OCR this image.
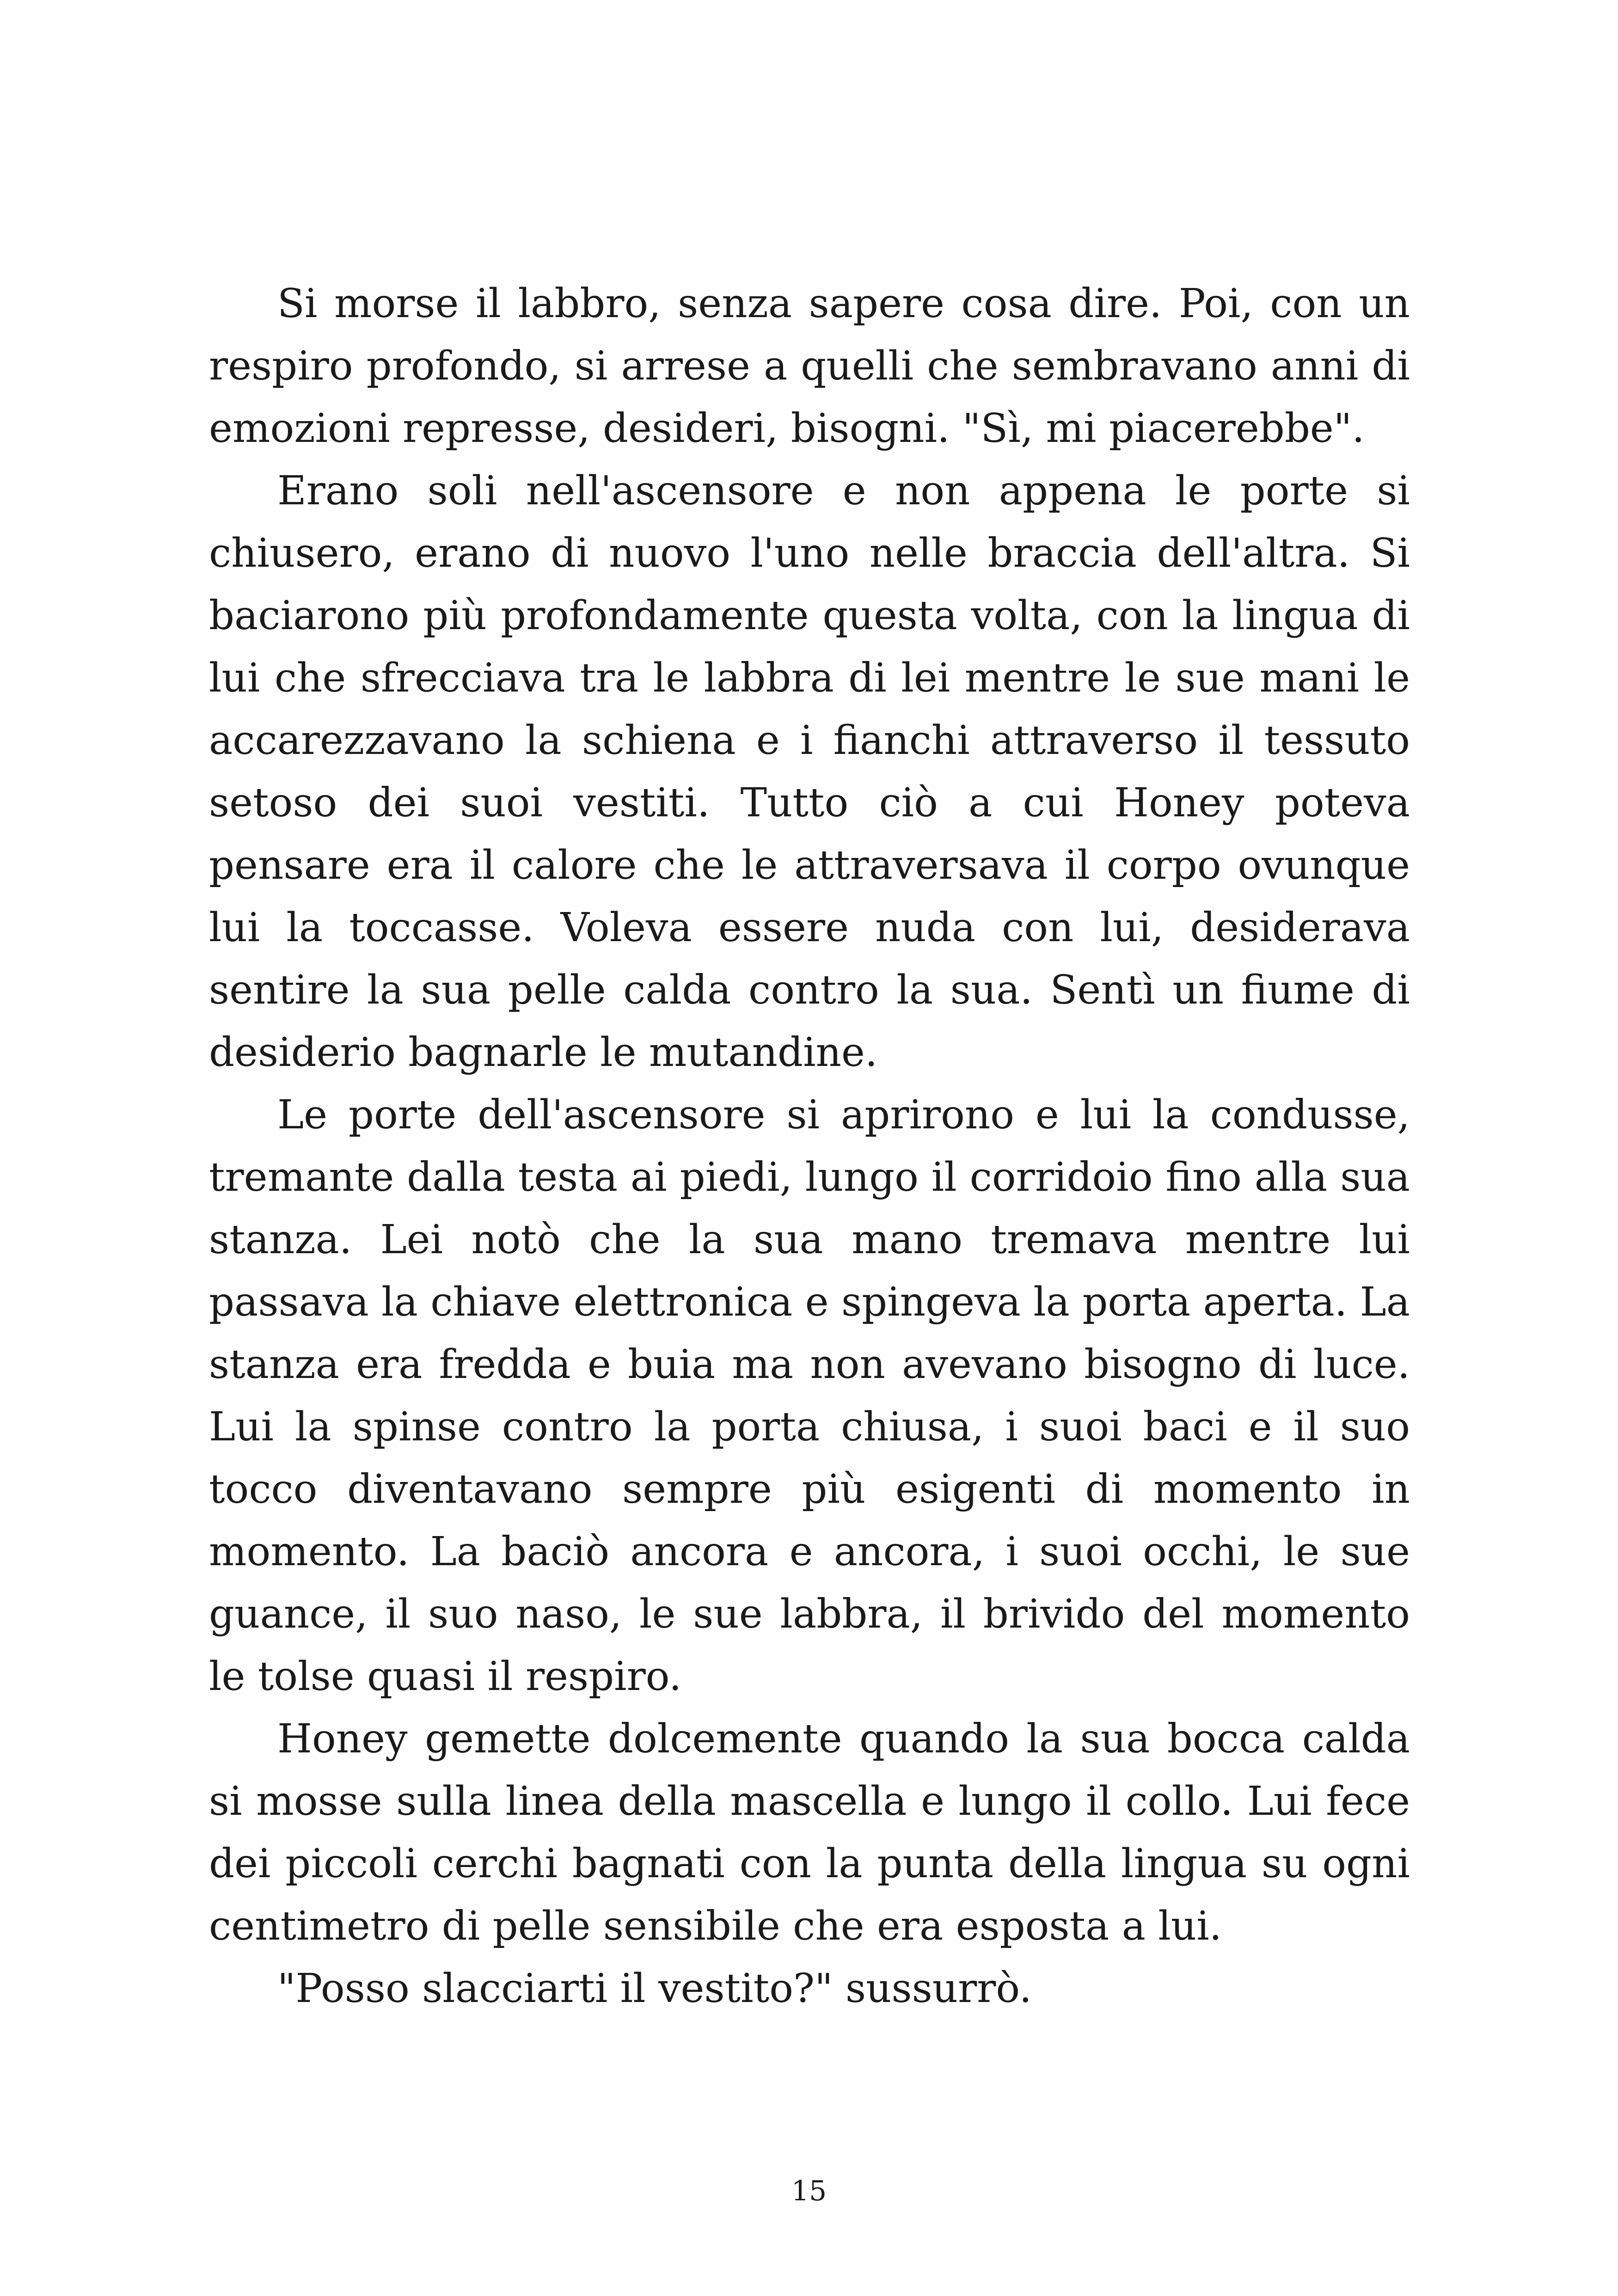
Si morse il labbro, senza sapere cosa dire. Poi, con un respiro profondo, si arrese a quelli che sembravano anni di emozioni represse, desideri, bisogni. "Sì, mi piacerebbe".

Erano soli nell'ascensore e non appena le porte si chiusero, erano di nuovo l'uno nelle braccia dell'altra. Si baciarono più profondamente questa volta, con la lingua di lui che sfrecciava tra le labbra di lei mentre le sue mani le accarezzavano la schiena e i fianchi attraverso il tessuto setoso dei suoi vestiti. Tutto ciò a cui Honey poteva pensare era il calore che le attraversava il corpo ovunque lui la toccasse. Voleva essere nuda con lui, desiderava sentire la sua pelle calda contro la sua. Sentì un fiume di desiderio bagnarle le mutandine.

Le porte dell'ascensore si aprirono e lui la condusse, tremante dalla testa ai piedi, lungo il corridoio fino alla sua stanza. Lei notò che la sua mano tremava mentre lui passava la chiave elettronica e spingeva la porta aperta. La stanza era fredda e buia ma non avevano bisogno di luce. Lui la spinse contro la porta chiusa, i suoi baci e il suo tocco diventavano sempre più esigenti di momento in momento. La baciò ancora e ancora, i suoi occhi, le sue guance, il suo naso, le sue labbra, il brivido del momento le tolse quasi il respiro.

Honey gemette dolcemente quando la sua bocca calda si mosse sulla linea della mascella e lungo il collo. Lui fece dei piccoli cerchi bagnati con la punta della lingua su ogni centimetro di pelle sensibile che era esposta a lui.

"Posso slacciarti il vestito?" sussurrò.

15
